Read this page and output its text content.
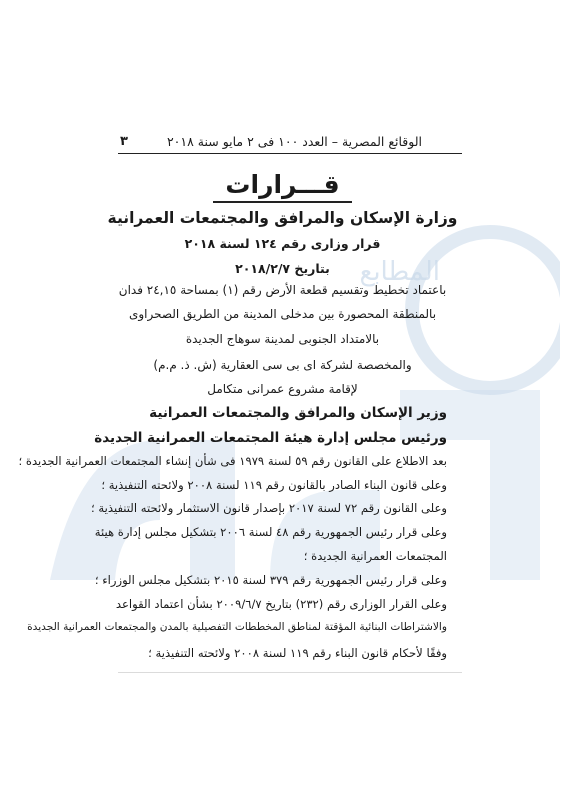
المطابع
الوقائع المصرية – العدد ١٠٠ فى ٢ مايو سنة ٢٠١٨
٣
قـــرارات
وزارة الإسكان والمرافق والمجتمعات العمرانية
قرار وزارى رقم ١٢٤ لسنة ٢٠١٨
بتاريخ ٢٠١٨/٢/٧
باعتماد تخطيط وتقسيم قطعة الأرض رقم (١) بمساحة ٢٤,١٥ فدان
بالمنطقة المحصورة بين مدخلى المدينة من الطريق الصحراوى
بالامتداد الجنوبى لمدينة سوهاج الجديدة
والمخصصة لشركة اى بى سى العقارية (ش. ذ. م.م)
لإقامة مشروع عمرانى متكامل
وزير الإسكان والمرافق والمجتمعات العمرانية
ورئيس مجلس إدارة هيئة المجتمعات العمرانية الجديدة
بعد الاطلاع على القانون رقم ٥٩ لسنة ١٩٧٩ فى شأن إنشاء المجتمعات العمرانية الجديدة ؛
وعلى قانون البناء الصادر بالقانون رقم ١١٩ لسنة ٢٠٠٨ ولائحته التنفيذية ؛
وعلى القانون رقم ٧٢ لسنة ٢٠١٧ بإصدار قانون الاستثمار ولائحته التنفيذية ؛
وعلى قرار رئيس الجمهورية رقم ٤٨ لسنة ٢٠٠٦ بتشكيل مجلس إدارة هيئة
المجتمعات العمرانية الجديدة ؛
وعلى قرار رئيس الجمهورية رقم ٣٧٩ لسنة ٢٠١٥ بتشكيل مجلس الوزراء ؛
وعلى القرار الوزارى رقم (٢٣٢) بتاريخ ٢٠٠٩/٦/٧ بشأن اعتماد القواعد
والاشتراطات البنائية المؤقتة لمناطق المخططات التفصيلية بالمدن والمجتمعات العمرانية الجديدة
وفقًا لأحكام قانون البناء رقم ١١٩ لسنة ٢٠٠٨ ولائحته التنفيذية ؛
